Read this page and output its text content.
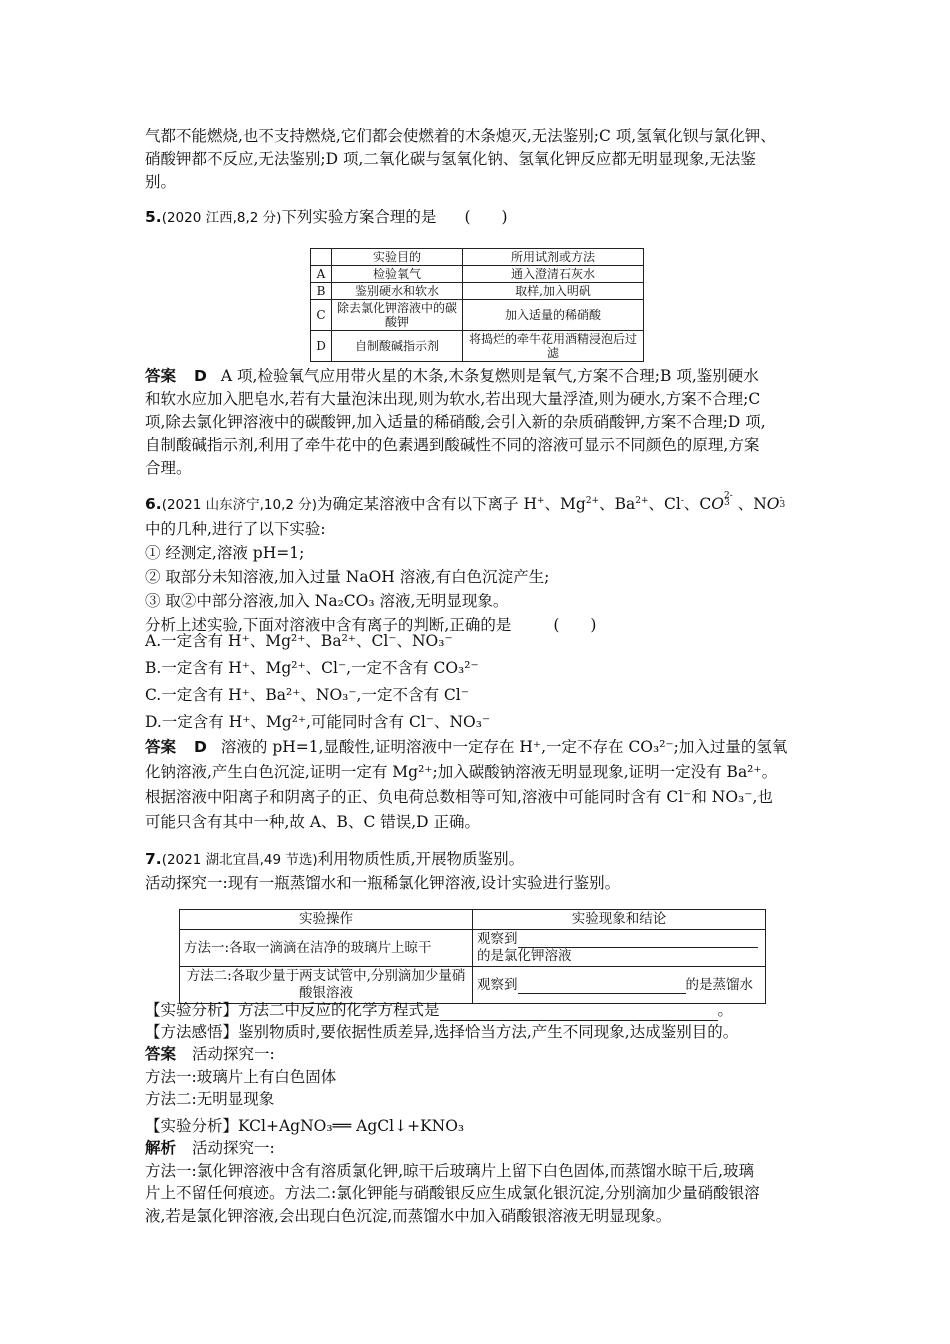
气都不能燃烧,也不支持燃烧,它们都会使燃着的木条熄灭,无法鉴别;C 项,氢氧化钡与氯化钾、
硝酸钾都不反应,无法鉴别;D 项,二氧化碳与氢氧化钠、氢氧化钾反应都无明显现象,无法鉴
别。
5.(2020 江西,8,2 分)下列实验方案合理的是 (　　)
	实验目的	所用试剂或方法
A	检验氧气	通入澄清石灰水
B	鉴别硬水和软水	取样,加入明矾
C	除去氯化钾溶液中的碳酸钾	加入适量的稀硝酸
D	自制酸碱指示剂	将捣烂的牵牛花用酒精浸泡后过滤
答案 D A 项,检验氧气应用带火星的木条,木条复燃则是氧气,方案不合理;B 项,鉴别硬水
和软水应加入肥皂水,若有大量泡沫出现,则为软水,若出现大量浮渣,则为硬水,方案不合理;C
项,除去氯化钾溶液中的碳酸钾,加入适量的稀硝酸,会引入新的杂质硝酸钾,方案不合理;D 项,
自制酸碱指示剂,利用了牵牛花中的色素遇到酸碱性不同的溶液可显示不同颜色的原理,方案
合理。
6.(2021 山东济宁,10,2 分)为确定某溶液中含有以下离子 H+、$Mg^{2+}$、$Ba^{2+}$、Cl-、$CO^{2-}$
3 、NO-
3
中的几种,进行了以下实验:
① 经测定,溶液 pH=1;
② 取部分未知溶液,加入过量 NaOH 溶液,有白色沉淀产生;
③ 取②中部分溶液,加入 Na₂CO₃ 溶液,无明显现象。
分析上述实验,下面对溶液中含有离子的判断,正确的是	(　　)
A.一定含有 H⁺、Mg²⁺、Ba²⁺、Cl⁻、NO₃⁻
B.一定含有 H⁺、Mg²⁺、Cl⁻,一定不含有 CO₃²⁻
C.一定含有 H⁺、Ba²⁺、NO₃⁻,一定不含有 Cl⁻
D.一定含有 H⁺、Mg²⁺,可能同时含有 Cl⁻、NO₃⁻
答案 D 溶液的 pH=1,显酸性,证明溶液中一定存在 H⁺,一定不存在 CO₃²⁻;加入过量的氢氧
化钠溶液,产生白色沉淀,证明一定有 Mg²⁺;加入碳酸钠溶液无明显现象,证明一定没有 Ba²⁺。
根据溶液中阳离子和阴离子的正、负电荷总数相等可知,溶液中可能同时含有 Cl⁻和 NO₃⁻,也
可能只含有其中一种,故 A、B、C 错误,D 正确。
7.(2021 湖北宜昌,49 节选)利用物质性质,开展物质鉴别。
活动探究一:现有一瓶蒸馏水和一瓶稀氯化钾溶液,设计实验进行鉴别。
实验操作	实验现象和结论
方法一:各取一滴滴在洁净的玻璃片上晾干	观察到
的是氯化钾溶液

方法二:各取少量于两支试管中,分别滴加少量硝
酸银溶液	观察到 的是蒸馏水
【实验分析】方法二中反应的化学方程式是	。
【方法感悟】鉴别物质时,要依据性质差异,选择恰当方法,产生不同现象,达成鉴别目的。
答案 活动探究一:
方法一:玻璃片上有白色固体
方法二:无明显现象
【实验分析】KCl+AgNO₃══ AgCl↓+KNO₃
解析 活动探究一:
方法一:氯化钾溶液中含有溶质氯化钾,晾干后玻璃片上留下白色固体,而蒸馏水晾干后,玻璃
片上不留任何痕迹。方法二:氯化钾能与硝酸银反应生成氯化银沉淀,分别滴加少量硝酸银溶
液,若是氯化钾溶液,会出现白色沉淀,而蒸馏水中加入硝酸银溶液无明显现象。
